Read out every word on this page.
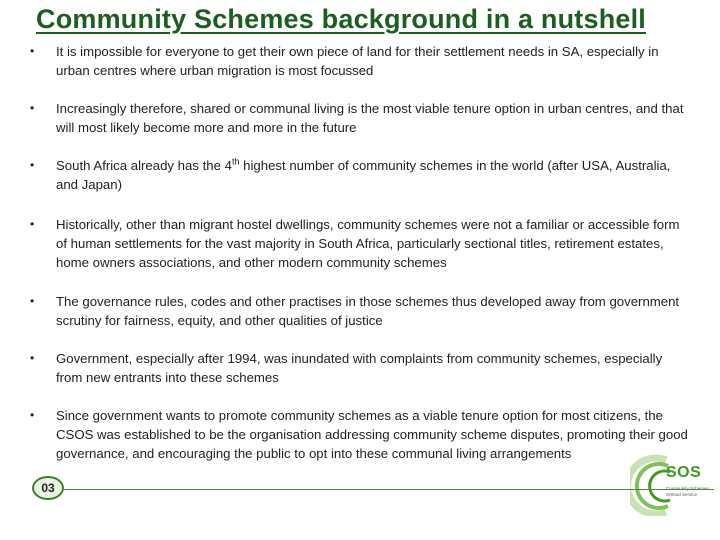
Community Schemes background in a nutshell
•	It is impossible for everyone to get their own piece of land for their settlement needs in SA, especially in urban centres where urban migration is most focussed
•	Increasingly therefore, shared or communal living is the most viable tenure option in urban centres, and that will most likely become more and more in the future
•	South Africa already has the 4th highest number of community schemes in the world (after USA, Australia, and Japan)
•	Historically, other than migrant hostel dwellings, community schemes were not a familiar or accessible form of human settlements for the vast majority in South Africa, particularly sectional titles, retirement estates, home owners associations, and other modern community schemes
•	The governance rules, codes and other practises in those schemes thus developed away from government scrutiny for fairness, equity, and other qualities of justice
•	Government, especially after 1994, was inundated with complaints from community schemes, especially from new entrants into these schemes
•	Since government wants to promote community schemes as a viable tenure option for most citizens, the CSOS was established to be the organisation addressing community scheme disputes, promoting their good governance, and encouraging the public to opt into these communal living arrangements
SOS
Ombud Service
03
